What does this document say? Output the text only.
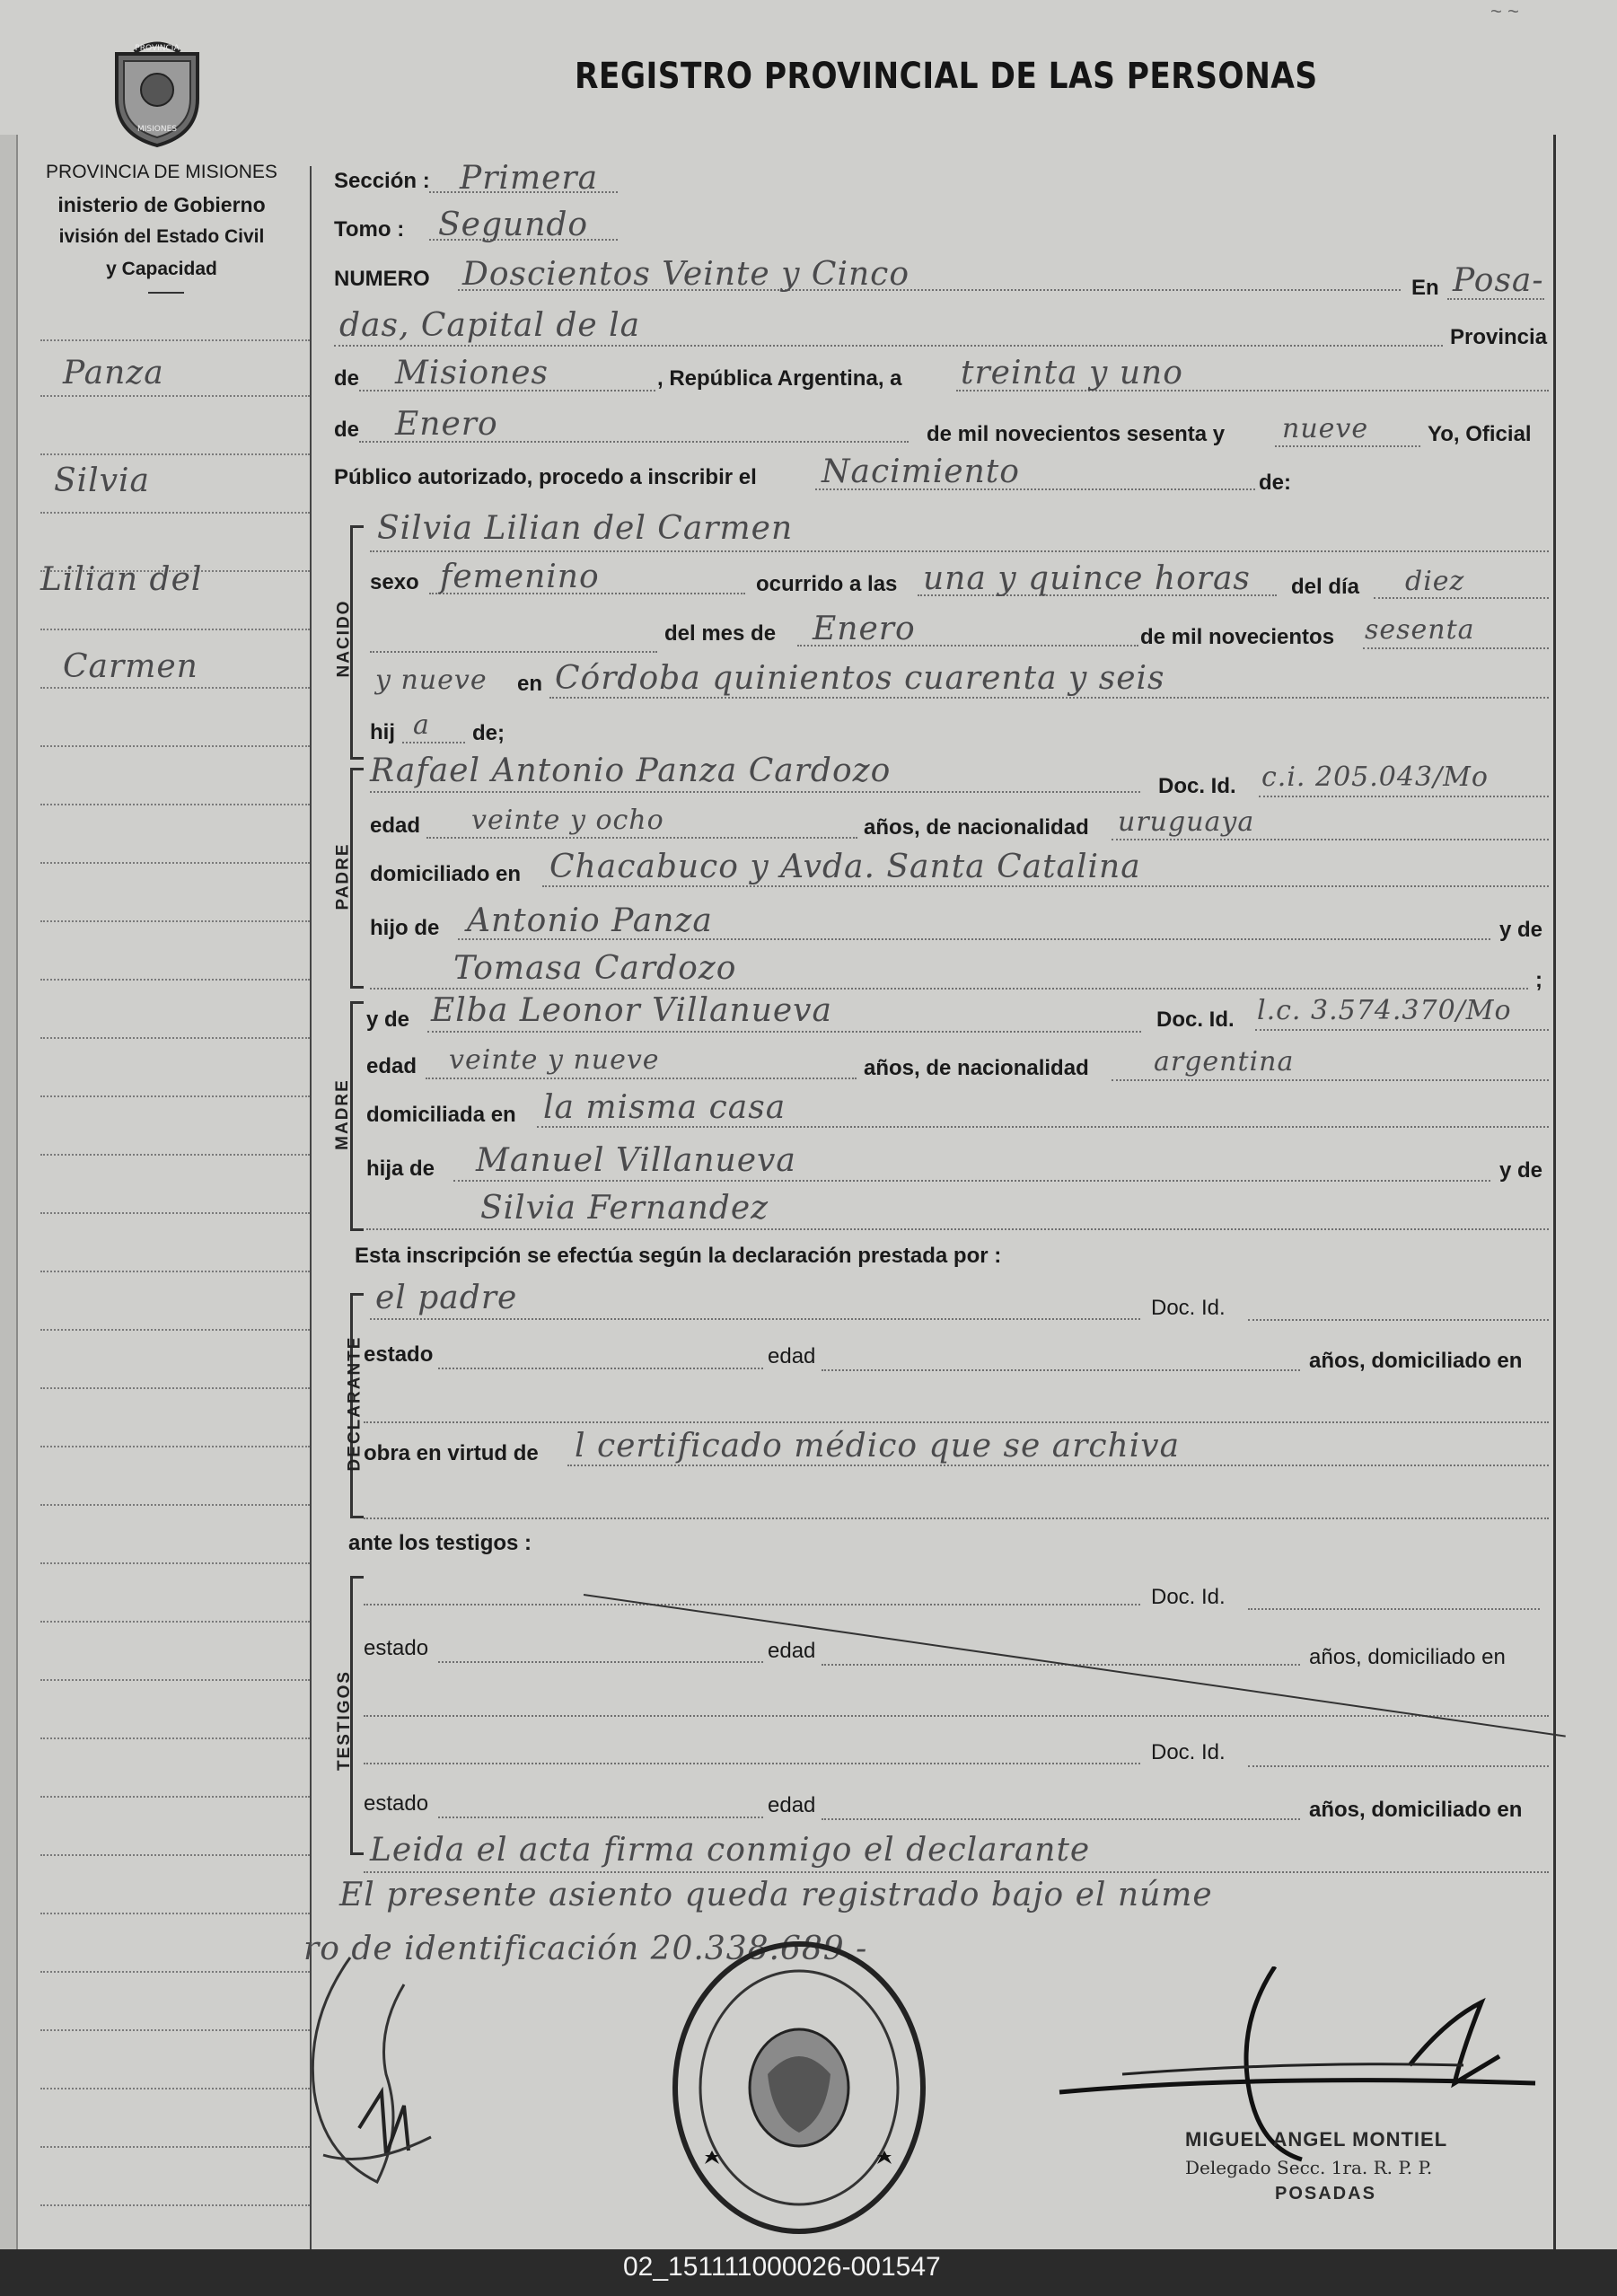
~ ~
PROVINCIA
MISIONES
REGISTRO PROVINCIAL DE LAS PERSONAS
PROVINCIA DE MISIONES
inisterio de Gobierno
ivisión del Estado Civil
y Capacidad
Panza
Silvia
Lilian del
Carmen
Sección : Primera
Tomo : Segundo
NUMERO Doscientos Veinte y Cinco	En Posa-
das, Capital de la	Provincia
de Misiones	, República Argentina, a treinta y uno
de Enero	de mil novecientos sesenta y nueve	Yo, Oficial
Público autorizado, procedo a inscribir el Nacimiento	de:
NACIDO
Silvia Lilian del Carmen
sexo femenino	ocurrido a las una y quince horas del día diez
del mes de Enero	de mil novecientos sesenta
y nueve en Córdoba quinientos cuarenta y seis
hij a de;
PADRE
Rafael Antonio Panza Cardozo	Doc. Id. c.i. 205.043/Mo
edad veinte y ocho	años, de nacionalidad uruguaya
domiciliado en Chacabuco y Avda. Santa Catalina
hijo de Antonio Panza	y de
Tomasa Cardozo	;
MADRE
y de Elba Leonor Villanueva	Doc. Id. l.c. 3.574.370/Mo
edad veinte y nueve	años, de nacionalidad argentina
domiciliada en la misma casa
hija de Manuel Villanueva	y de
Silvia Fernandez
Esta inscripción se efectúa según la declaración prestada por :
DECLARANTE
el padre	Doc. Id.
estado	edad	años, domiciliado en
obra en virtud de l certificado médico que se archiva
ante los testigos :
TESTIGOS
Doc. Id.
estado	edad	años, domiciliado en
Doc. Id.
estado	edad	años, domiciliado en
Leida el acta firma conmigo el declarante
El presente asiento queda registrado bajo el núme
ro de identificación 20.338.689.-
MIGUEL ANGEL MONTIEL
Delegado Secc. 1ra. R. P. P.
POSADAS
02_151111000026-001547
